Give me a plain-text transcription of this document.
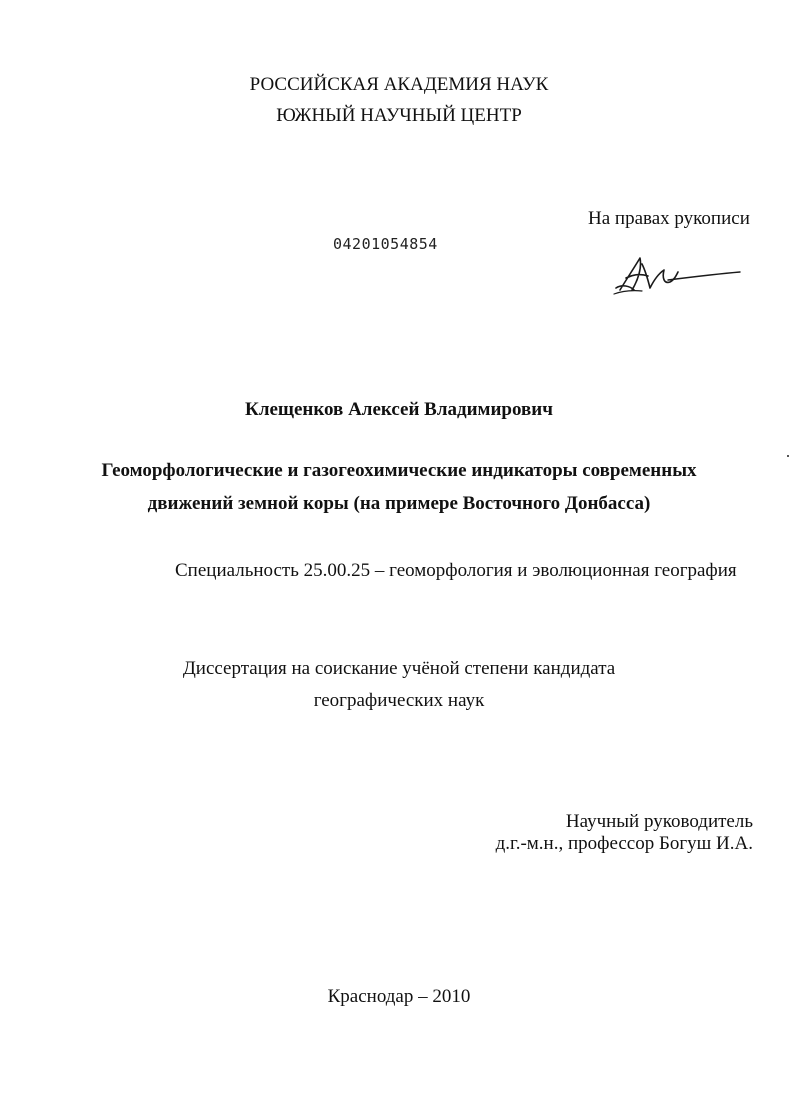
РОССИЙСКАЯ АКАДЕМИЯ НАУК
ЮЖНЫЙ НАУЧНЫЙ ЦЕНТР
На правах рукописи
04201054854
Клещенков Алексей Владимирович
Геоморфологические и газогеохимические индикаторы современных
движений земной коры (на примере Восточного Донбасса)
Специальность 25.00.25 – геоморфология и эволюционная география
Диссертация на соискание учёной степени кандидата
географических наук
Научный руководитель
д.г.-м.н., профессор Богуш И.А.
Краснодар – 2010
